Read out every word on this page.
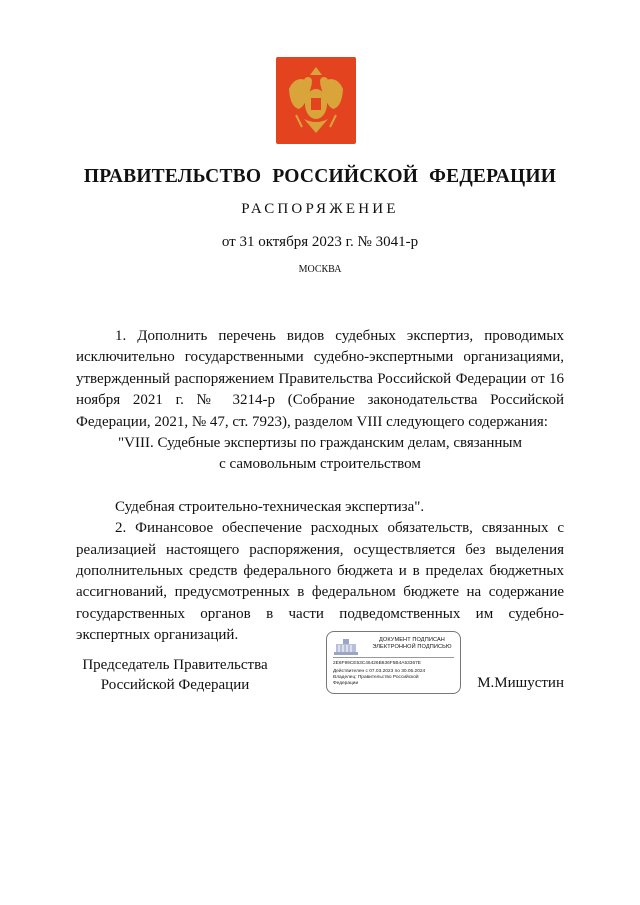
ПРАВИТЕЛЬСТВО РОССИЙСКОЙ ФЕДЕРАЦИИ
РАСПОРЯЖЕНИЕ
от 31 октября 2023 г. № 3041-р
МОСКВА

1. Дополнить перечень видов судебных экспертиз, проводимых исключительно государственными судебно-экспертными организациями, утвержденный распоряжением Правительства Российской Федерации от 16 ноября 2021 г. № 3214-р (Собрание законодательства Российской Федерации, 2021, № 47, ст. 7923), разделом VIII следующего содержания:

"VIII. Судебные экспертизы по гражданским делам, связанным

с самовольным строительством

Судебная строительно-техническая экспертиза".

2. Финансовое обеспечение расходных обязательств, связанных с реализацией настоящего распоряжения, осуществляется без выделения дополнительных средств федерального бюджета и в пределах бюджетных ассигнований, предусмотренных в федеральном бюджете на содержание государственных органов в части подведомственных им судебно-экспертных организаций.

Председатель Правительства
Российской Федерации
ДОКУМЕНТ ПОДПИСАН
ЭЛЕКТРОННОЙ ПОДПИСЬЮ
2E6F99CE53C46426B636F5B4A53367E
Действителен с 07.03.2023 по 30.05.2024
Владелец: Правительство Российской
Федерации	М.Мишустин
